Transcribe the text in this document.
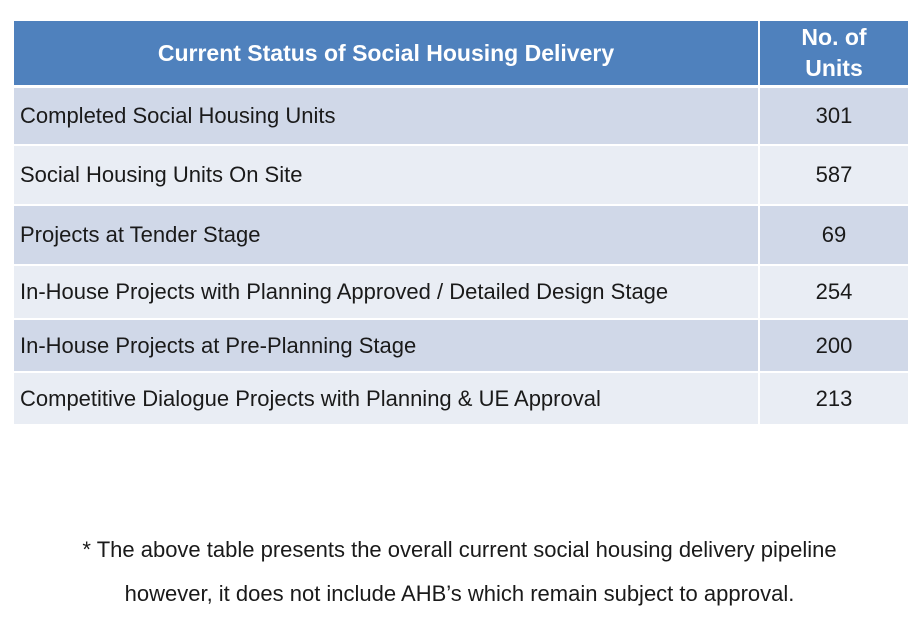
Current Status of Social Housing Delivery	No. of
Units
Completed Social Housing Units	301
Social Housing Units On Site	587
Projects at Tender Stage	69
In-House Projects with Planning Approved / Detailed Design Stage	254
In-House Projects at Pre-Planning Stage	200
Competitive Dialogue Projects with Planning & UE Approval	213
* The above table presents the overall current social housing delivery pipeline
however, it does not include AHB’s which remain subject to approval.
